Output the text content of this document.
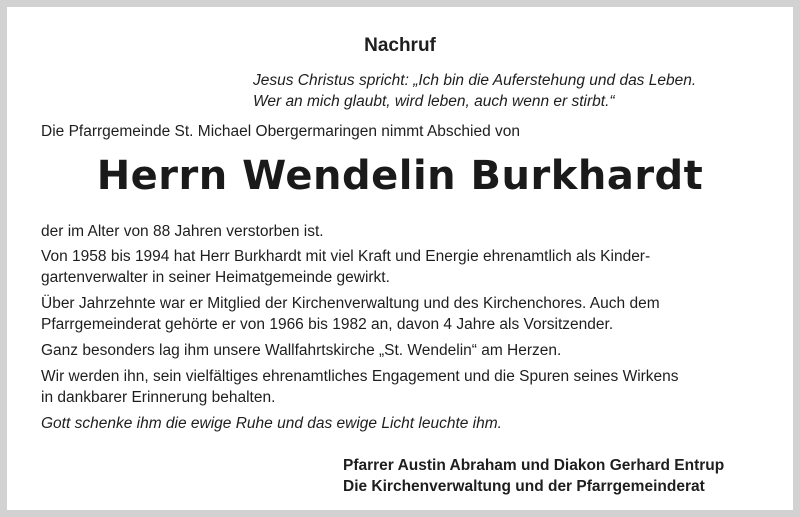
Nachruf
Jesus Christus spricht: „Ich bin die Auferstehung und das Leben.
Wer an mich glaubt, wird leben, auch wenn er stirbt.“
Die Pfarrgemeinde St. Michael Obergermaringen nimmt Abschied von
Herrn Wendelin Burkhardt
der im Alter von 88 Jahren verstorben ist.
Von 1958 bis 1994 hat Herr Burkhardt mit viel Kraft und Energie ehrenamtlich als Kinder-
gartenverwalter in seiner Heimatgemeinde gewirkt.
Über Jahrzehnte war er Mitglied der Kirchenverwaltung und des Kirchenchores. Auch dem
Pfarrgemeinderat gehörte er von 1966 bis 1982 an, davon 4 Jahre als Vorsitzender.
Ganz besonders lag ihm unsere Wallfahrtskirche „St. Wendelin“ am Herzen.
Wir werden ihn, sein vielfältiges ehrenamtliches Engagement und die Spuren seines Wirkens
in dankbarer Erinnerung behalten.
Gott schenke ihm die ewige Ruhe und das ewige Licht leuchte ihm.
Pfarrer Austin Abraham und Diakon Gerhard Entrup
Die Kirchenverwaltung und der Pfarrgemeinderat
